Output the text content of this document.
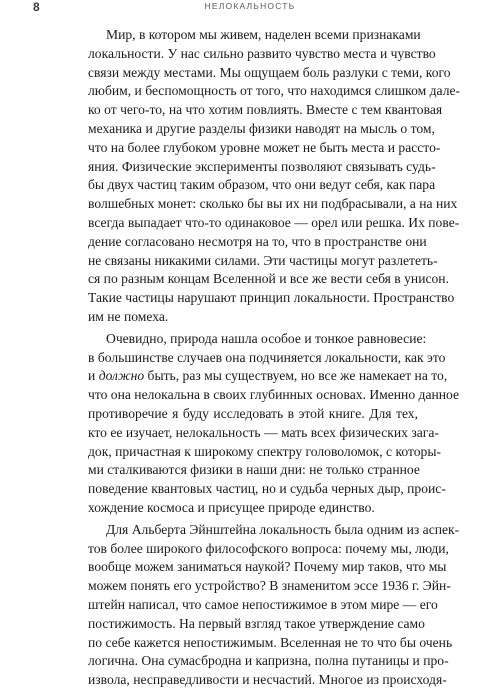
8	НЕЛОКАЛЬНОСТЬ
Мир, в котором мы живем, наделен всеми признаками
локальности. У нас сильно развито чувство места и чувство
связи между местами. Мы ощущаем боль разлуки с теми, кого
любим, и беспомощность от того, что находимся слишком дале-
ко от чего-то, на что хотим повлиять. Вместе с тем квантовая
механика и другие разделы физики наводят на мысль о том,
что на более глубоком уровне может не быть места и рассто-
яния. Физические эксперименты позволяют связывать судь-
бы двух частиц таким образом, что они ведут себя, как пара
волшебных монет: сколько бы вы их ни подбрасывали, а на них
всегда выпадает что-то одинаковое — орел или решка. Их пове-
дение согласовано несмотря на то, что в пространстве они
не связаны никакими силами. Эти частицы могут разлететь-
ся по разным концам Вселенной и все же вести себя в унисон.
Такие частицы нарушают принцип локальности. Пространство
им не помеха.
Очевидно, природа нашла особое и тонкое равновесие:
в большинстве случаев она подчиняется локальности, как это
и должно быть, раз мы существуем, но все же намекает на то,
что она нелокальна в своих глубинных основах. Именно данное
противоречие я буду исследовать в этой книге. Для тех,
кто ее изучает, нелокальность — мать всех физических зага-
док, причастная к широкому спектру головоломок, с которы-
ми сталкиваются физики в наши дни: не только странное
поведение квантовых частиц, но и судьба черных дыр, проис-
хождение космоса и присущее природе единство.
Для Альберта Эйнштейна локальность была одним из аспек-
тов более широкого философского вопроса: почему мы, люди,
вообще можем заниматься наукой? Почему мир таков, что мы
можем понять его устройство? В знаменитом эссе 1936 г. Эйн-
штейн написал, что самое непостижимое в этом мире — его
постижимость. На первый взгляд такое утверждение само
по себе кажется непостижимым. Вселенная не то что бы очень
логична. Она сумасбродна и капризна, полна путаницы и про-
извола, несправедливости и несчастий. Многое из происходя-
